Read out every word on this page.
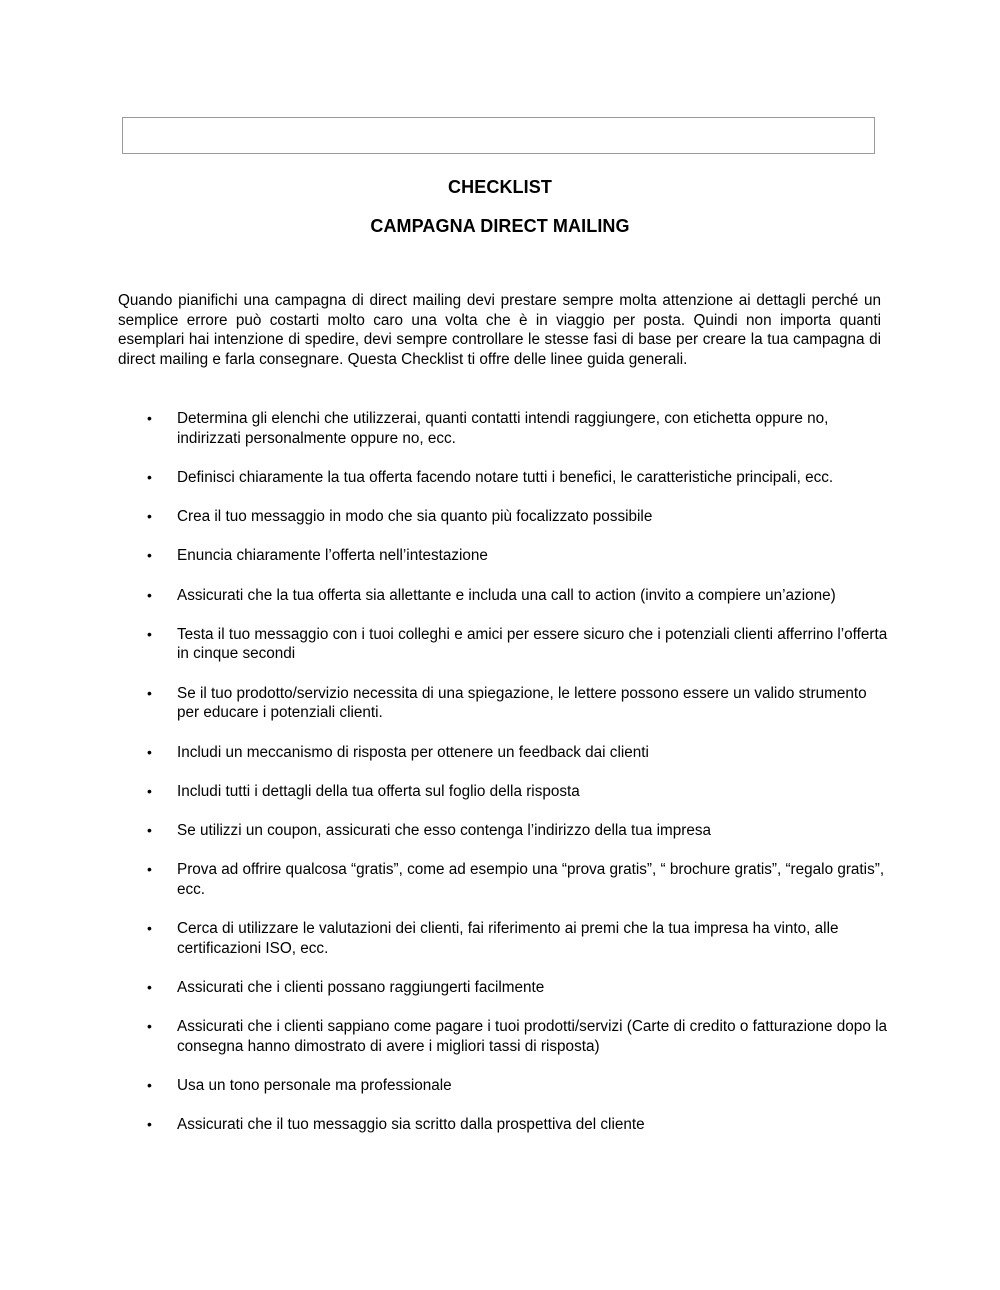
CHECKLIST
CAMPAGNA DIRECT MAILING

Quando pianifichi una campagna di direct mailing devi prestare sempre molta attenzione ai dettagli perché un semplice errore può costarti molto caro una volta che è in viaggio per posta. Quindi non importa quanti esemplari hai intenzione di spedire, devi sempre controllare le stesse fasi di base per creare la tua campagna di direct mailing e farla consegnare. Questa Checklist ti offre delle linee guida generali.

• Determina gli elenchi che utilizzerai, quanti contatti intendi raggiungere, con etichetta oppure no, indirizzati personalmente oppure no, ecc.
• Definisci chiaramente la tua offerta facendo notare tutti i benefici, le caratteristiche principali, ecc.
• Crea il tuo messaggio in modo che sia quanto più focalizzato possibile
• Enuncia chiaramente l’offerta nell’intestazione
• Assicurati che la tua offerta sia allettante e includa una call to action (invito a compiere un’azione)
• Testa il tuo messaggio con i tuoi colleghi e amici per essere sicuro che i potenziali clienti afferrino l’offerta in cinque secondi
• Se il tuo prodotto/servizio necessita di una spiegazione, le lettere possono essere un valido strumento per educare i potenziali clienti.
• Includi un meccanismo di risposta per ottenere un feedback dai clienti
• Includi tutti i dettagli della tua offerta sul foglio della risposta
• Se utilizzi un coupon, assicurati che esso contenga l’indirizzo della tua impresa
• Prova ad offrire qualcosa “gratis”, come ad esempio una “prova gratis”, “ brochure gratis”, “regalo gratis”, ecc.
• Cerca di utilizzare le valutazioni dei clienti, fai riferimento ai premi che la tua impresa ha vinto, alle certificazioni ISO, ecc.
• Assicurati che i clienti possano raggiungerti facilmente
• Assicurati che i clienti sappiano come pagare i tuoi prodotti/servizi (Carte di credito o fatturazione dopo la consegna hanno dimostrato di avere i migliori tassi di risposta)
• Usa un tono personale ma professionale
• Assicurati che il tuo messaggio sia scritto dalla prospettiva del cliente
